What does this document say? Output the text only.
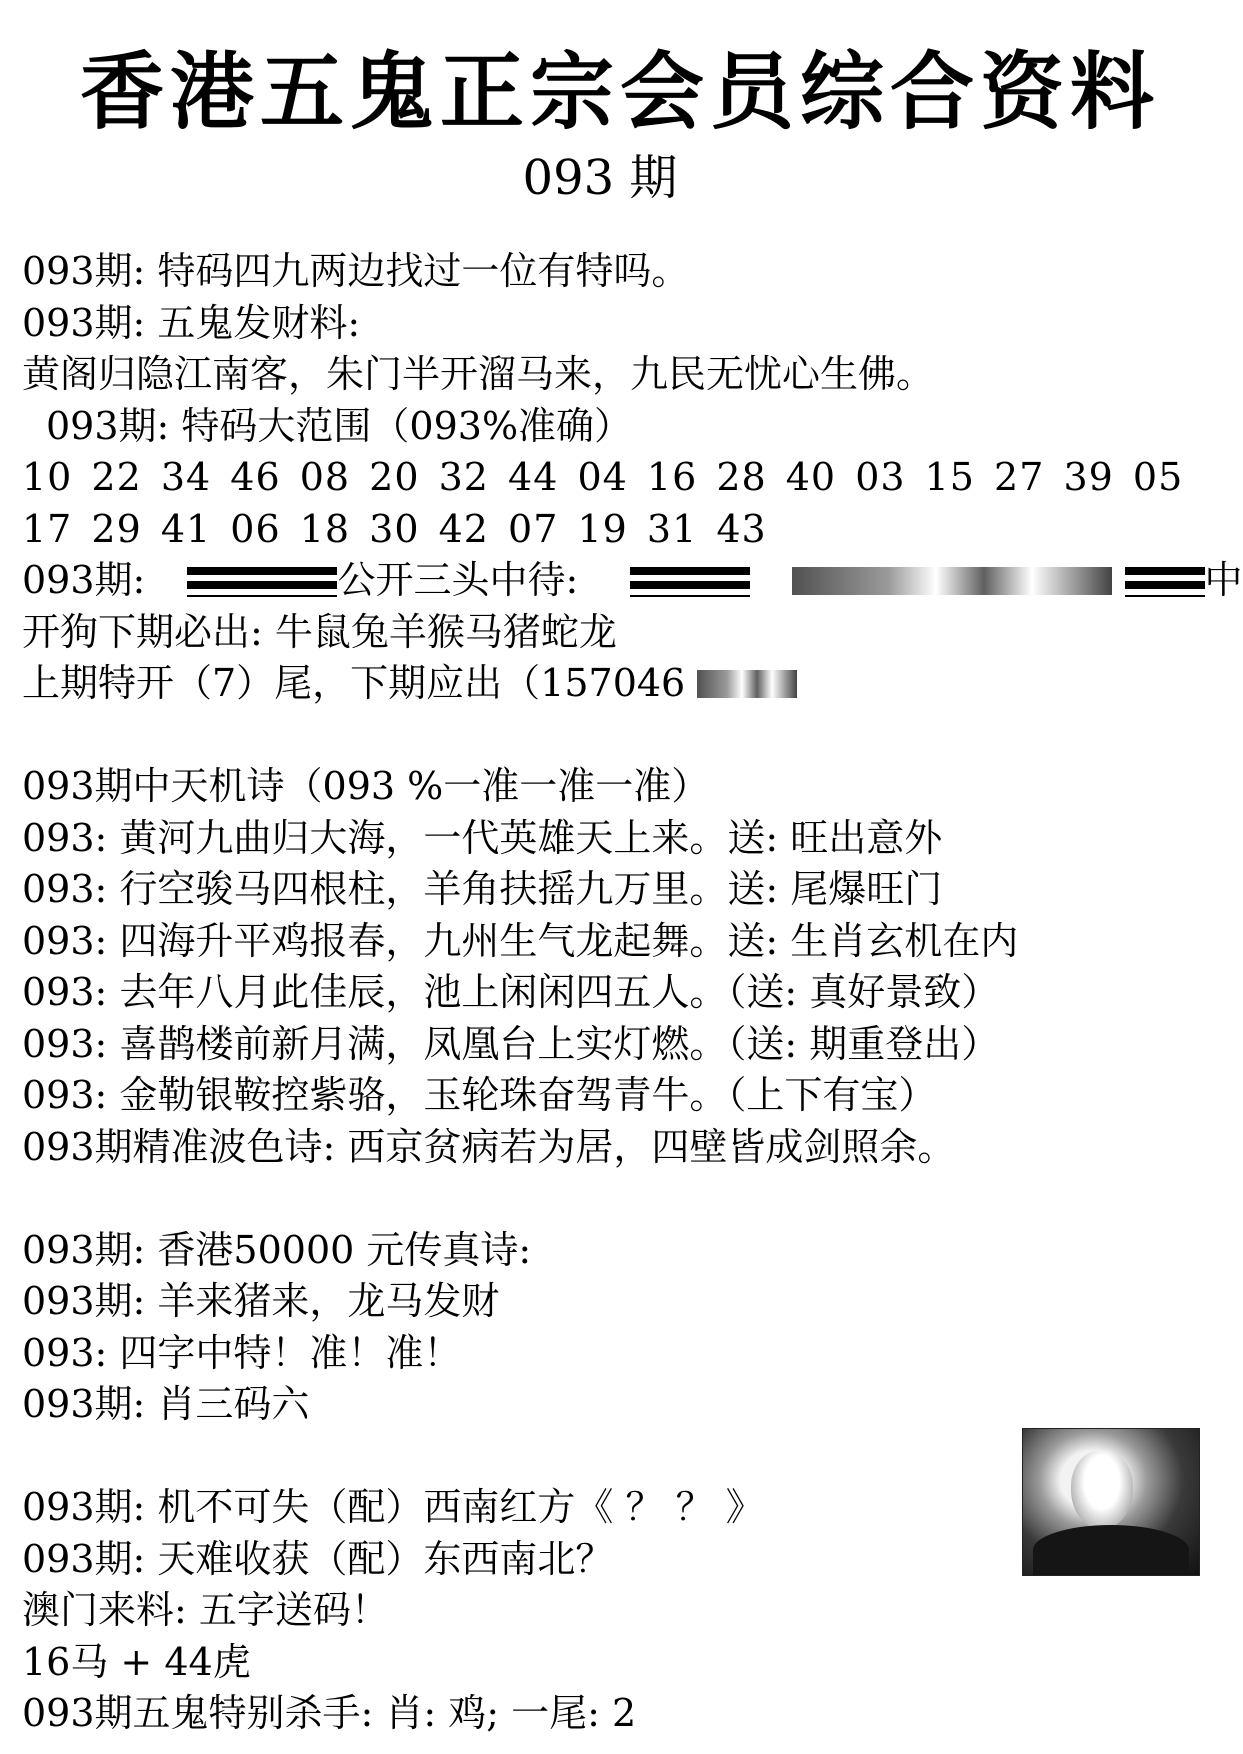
香港五鬼正宗会员综合资料
093 期
093期: 特码四九两边找过一位有特吗。
093期: 五鬼发财料:
黄阁归隐江南客，朱门半开溜马来，九民无忧心生佛。
093期: 特码大范围（093%准确）
10 22 34 46 08 20 32 44 04 16 28 40 03 15 27 39 05
17 29 41 06 18 30 42 07 19 31 43
093期:	公开三头中待:	中
开狗下期必出: 牛鼠兔羊猴马猪蛇龙
上期特开（7）尾，下期应出（157046
093期中天机诗（093 %一准一准一准）
093: 黄河九曲归大海，一代英雄天上来。送: 旺出意外
093: 行空骏马四根柱，羊角扶摇九万里。送: 尾爆旺门
093: 四海升平鸡报春，九州生气龙起舞。送: 生肖玄机在内
093: 去年八月此佳辰，池上闲闲四五人。（送: 真好景致）
093: 喜鹊楼前新月满，凤凰台上实灯燃。（送: 期重登出）
093: 金勒银鞍控紫骆，玉轮珠奋驾青牛。（上下有宝）
093期精准波色诗: 西京贫病若为居，四壁皆成剑照余。
093期: 香港50000 元传真诗:
093期: 羊来猪来，龙马发财
093: 四字中特！准！准！
093期: 肖三码六
093期: 机不可失（配）西南红方《 ？ ？ 》
093期: 天难收获（配）东西南北？
澳门来料: 五字送码！
16马 + 44虎
093期五鬼特别杀手: 肖: 鸡; 一尾: 2
